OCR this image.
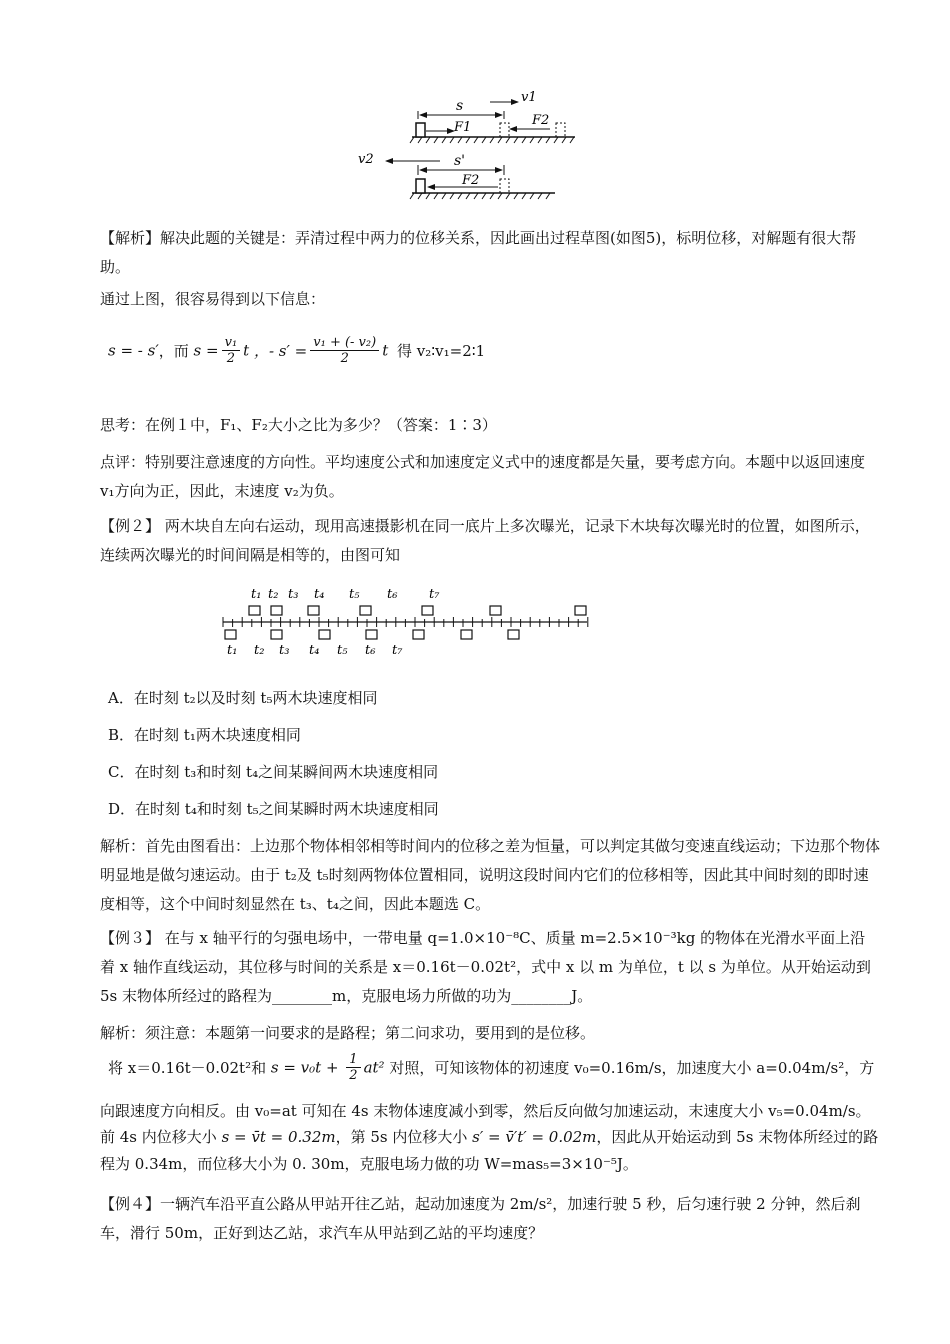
s
v1
F1	F2
v2	s'
F2
【解析】解决此题的关键是：弄清过程中两力的位移关系，因此画出过程草图(如图5)，标明位移，对解题有很大帮助。
通过上图，很容易得到以下信息：
s = - s′，而 $s = \frac{\text{v₁}}{2}$ t ，- $s' = \frac{\text{v₁ + (- v₂)}}{2}$ t 得 v₂∶v₁=2∶1
思考：在例１中，F₁、F₂大小之比为多少？（答案：1∶3）
点评：特别要注意速度的方向性。平均速度公式和加速度定义式中的速度都是矢量，要考虑方向。本题中以返回速度 v₁方向为正，因此，末速度 v₂为负。
【例２】 两木块自左向右运动，现用高速摄影机在同一底片上多次曝光，记录下木块每次曝光时的位置，如图所示，连续两次曝光的时间间隔是相等的，由图可知
t₁ t₂ t₃ t₄ t₅ t₆ t₇
t₁ t₂ t₃ t₄ t₅ t₆ t₇
A．在时刻 t₂以及时刻 t₅两木块速度相同
B．在时刻 t₁两木块速度相同
C．在时刻 t₃和时刻 t₄之间某瞬间两木块速度相同
D．在时刻 t₄和时刻 t₅之间某瞬时两木块速度相同
解析：首先由图看出：上边那个物体相邻相等时间内的位移之差为恒量，可以判定其做匀变速直线运动；下边那个物体明显地是做匀速运动。由于 t₂及 t₅时刻两物体位置相同，说明这段时间内它们的位移相等，因此其中间时刻的即时速度相等，这个中间时刻显然在 t₃、t₄之间，因此本题选 C。
【例３】 在与 x 轴平行的匀强电场中，一带电量 q=1.0×10⁻⁸C、质量 m=2.5×10⁻³kg 的物体在光滑水平面上沿着 x 轴作直线运动，其位移与时间的关系是 x＝0.16t－0.02t²，式中 x 以 m 为单位，t 以 s 为单位。从开始运动到 5s 末物体所经过的路程为________m，克服电场力所做的功为________J。
解析：须注意：本题第一问要求的是路程；第二问求功，要用到的是位移。
将 x＝0.16t－0.02t²和 $s = v_0t + \frac{1}{2} at^2$ 对照，可知该物体的初速度 v₀=0.16m/s，加速度大小 a=0.04m/s²，方
向跟速度方向相反。由 v₀=at 可知在 4s 末物体速度减小到零，然后反向做匀加速运动，末速度大小 v₅=0.04m/s。
前 4s 内位移大小 s = v̄t = 0.32m，第 5s 内位移大小 s′ = v̄′t′ = 0.02m，因此从开始运动到 5s 末物体所经过的路
程为 0.34m，而位移大小为 0. 30m，克服电场力做的功 W=mas₅=3×10⁻⁵J。
【例４】一辆汽车沿平直公路从甲站开往乙站，起动加速度为 2m/s²，加速行驶 5 秒，后匀速行驶 2 分钟，然后刹车，滑行 50m，正好到达乙站，求汽车从甲站到乙站的平均速度？
